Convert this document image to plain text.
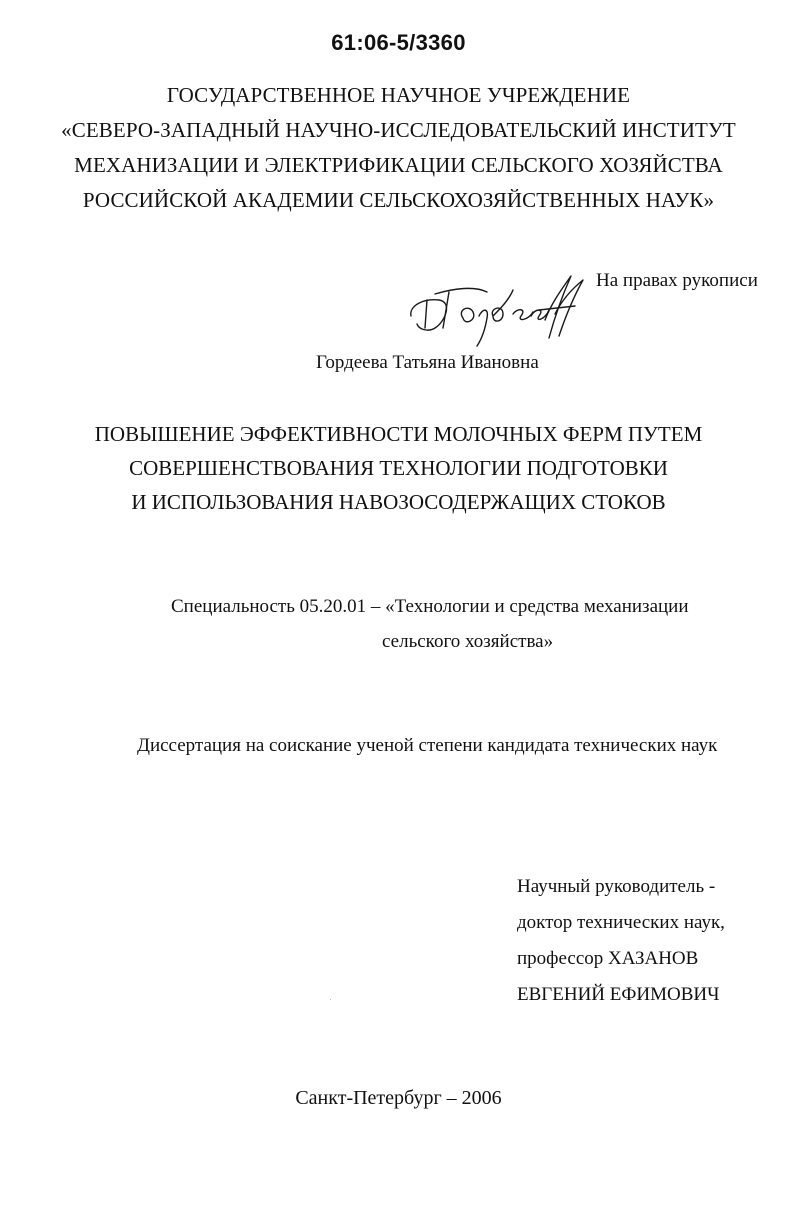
61:06-5/3360
ГОСУДАРСТВЕННОЕ НАУЧНОЕ УЧРЕЖДЕНИЕ
«СЕВЕРО-ЗАПАДНЫЙ НАУЧНО-ИССЛЕДОВАТЕЛЬСКИЙ ИНСТИТУТ
МЕХАНИЗАЦИИ И ЭЛЕКТРИФИКАЦИИ СЕЛЬСКОГО ХОЗЯЙСТВА
РОССИЙСКОЙ АКАДЕМИИ СЕЛЬСКОХОЗЯЙСТВЕННЫХ НАУК»
На правах рукописи
Гордеева Татьяна Ивановна
ПОВЫШЕНИЕ ЭФФЕКТИВНОСТИ МОЛОЧНЫХ ФЕРМ ПУТЕМ
СОВЕРШЕНСТВОВАНИЯ ТЕХНОЛОГИИ ПОДГОТОВКИ
И ИСПОЛЬЗОВАНИЯ НАВОЗОСОДЕРЖАЩИХ СТОКОВ
Специальность 05.20.01 – «Технологии и средства механизации
сельского хозяйства»
Диссертация на соискание ученой степени кандидата технических наук
Научный руководитель -
доктор технических наук,
профессор ХАЗАНОВ
ЕВГЕНИЙ ЕФИМОВИЧ
Санкт-Петербург – 2006
